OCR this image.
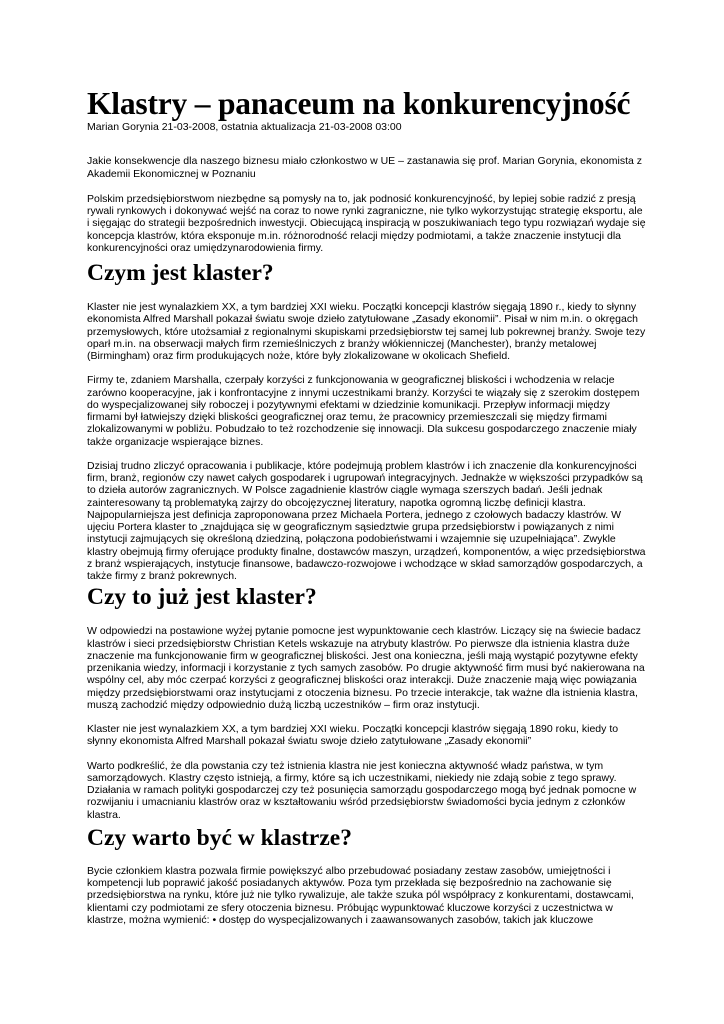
Klastry – panaceum na konkurencyjność
Marian Gorynia 21-03-2008, ostatnia aktualizacja 21-03-2008 03:00

Jakie konsekwencje dla naszego biznesu miało członkostwo w UE – zastanawia się prof. Marian Gorynia, ekonomista z Akademii Ekonomicznej w Poznaniu

Polskim przedsiębiorstwom niezbędne są pomysły na to, jak podnosić konkurencyjność, by lepiej sobie radzić z presją rywali rynkowych i dokonywać wejść na coraz to nowe rynki zagraniczne, nie tylko wykorzystując strategię eksportu, ale i sięgając do strategii bezpośrednich inwestycji. Obiecującą inspiracją w poszukiwaniach tego typu rozwiązań wydaje się koncepcja klastrów, która eksponuje m.in. różnorodność relacji między podmiotami, a także znaczenie instytucji dla konkurencyjności oraz umiędzynarodowienia firmy.

Czym jest klaster?

Klaster nie jest wynalazkiem XX, a tym bardziej XXI wieku. Początki koncepcji klastrów sięgają 1890 r., kiedy to słynny ekonomista Alfred Marshall pokazał światu swoje dzieło zatytułowane „Zasady ekonomii”. Pisał w nim m.in. o okręgach przemysłowych, które utożsamiał z regionalnymi skupiskami przedsiębiorstw tej samej lub pokrewnej branży. Swoje tezy oparł m.in. na obserwacji małych firm rzemieślniczych z branży włókienniczej (Manchester), branży metalowej (Birmingham) oraz firm produkujących noże, które były zlokalizowane w okolicach Shefield.

Firmy te, zdaniem Marshalla, czerpały korzyści z funkcjonowania w geograficznej bliskości i wchodzenia w relacje zarówno kooperacyjne, jak i konfrontacyjne z innymi uczestnikami branży. Korzyści te wiązały się z szerokim dostępem do wyspecjalizowanej siły roboczej i pozytywnymi efektami w dziedzinie komunikacji. Przepływ informacji między firmami był łatwiejszy dzięki bliskości geograficznej oraz temu, że pracownicy przemieszczali się między firmami zlokalizowanymi w pobliżu. Pobudzało to też rozchodzenie się innowacji. Dla sukcesu gospodarczego znaczenie miały także organizacje wspierające biznes.

Dzisiaj trudno zliczyć opracowania i publikacje, które podejmują problem klastrów i ich znaczenie dla konkurencyjności firm, branż, regionów czy nawet całych gospodarek i ugrupowań integracyjnych. Jednakże w większości przypadków są to dzieła autorów zagranicznych. W Polsce zagadnienie klastrów ciągle wymaga szerszych badań. Jeśli jednak zainteresowany tą problematyką zajrzy do obcojęzycznej literatury, napotka ogromną liczbę definicji klastra. Najpopularniejsza jest definicja zaproponowana przez Michaela Portera, jednego z czołowych badaczy klastrów. W ujęciu Portera klaster to „znajdująca się w geograficznym sąsiedztwie grupa przedsiębiorstw i powiązanych z nimi instytucji zajmujących się określoną dziedziną, połączona podobieństwami i wzajemnie się uzupełniająca”. Zwykle klastry obejmują firmy oferujące produkty finalne, dostawców maszyn, urządzeń, komponentów, a więc przedsiębiorstwa z branż wspierających, instytucje finansowe, badawczo-rozwojowe i wchodzące w skład samorządów gospodarczych, a także firmy z branż pokrewnych.

Czy to już jest klaster?

W odpowiedzi na postawione wyżej pytanie pomocne jest wypunktowanie cech klastrów. Liczący się na świecie badacz klastrów i sieci przedsiębiorstw Christian Ketels wskazuje na atrybuty klastrów. Po pierwsze dla istnienia klastra duże znaczenie ma funkcjonowanie firm w geograficznej bliskości. Jest ona konieczna, jeśli mają wystąpić pozytywne efekty przenikania wiedzy, informacji i korzystanie z tych samych zasobów. Po drugie aktywność firm musi być nakierowana na wspólny cel, aby móc czerpać korzyści z geograficznej bliskości oraz interakcji. Duże znaczenie mają więc powiązania między przedsiębiorstwami oraz instytucjami z otoczenia biznesu. Po trzecie interakcje, tak ważne dla istnienia klastra, muszą zachodzić między odpowiednio dużą liczbą uczestników – firm oraz instytucji.

Klaster nie jest wynalazkiem XX, a tym bardziej XXI wieku. Początki koncepcji klastrów sięgają 1890 roku, kiedy to słynny ekonomista Alfred Marshall pokazał światu swoje dzieło zatytułowane „Zasady ekonomii”

Warto podkreślić, że dla powstania czy też istnienia klastra nie jest konieczna aktywność władz państwa, w tym samorządowych. Klastry często istnieją, a firmy, które są ich uczestnikami, niekiedy nie zdają sobie z tego sprawy. Działania w ramach polityki gospodarczej czy też posunięcia samorządu gospodarczego mogą być jednak pomocne w rozwijaniu i umacnianiu klastrów oraz w kształtowaniu wśród przedsiębiorstw świadomości bycia jednym z członków klastra.

Czy warto być w klastrze?

Bycie członkiem klastra pozwala firmie powiększyć albo przebudować posiadany zestaw zasobów, umiejętności i kompetencji lub poprawić jakość posiadanych aktywów. Poza tym przekłada się bezpośrednio na zachowanie się przedsiębiorstwa na rynku, które już nie tylko rywalizuje, ale także szuka pól współpracy z konkurentami, dostawcami, klientami czy podmiotami ze sfery otoczenia biznesu. Próbując wypunktować kluczowe korzyści z uczestnictwa w klastrze, można wymienić: • dostęp do wyspecjalizowanych i zaawansowanych zasobów, takich jak kluczowe
